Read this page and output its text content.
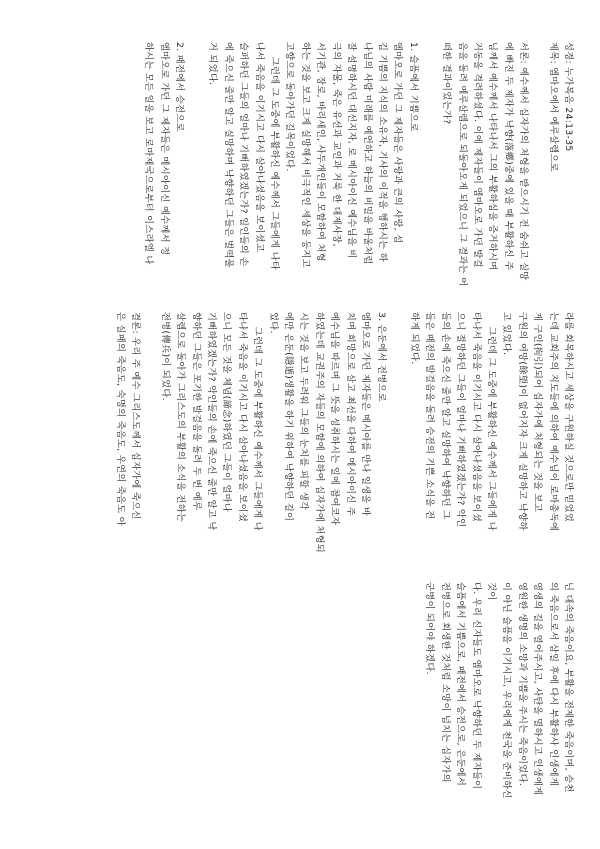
성경: 누가복음 24:13-35
제목: 엠마오에서 예루살렘으로

서론: 예수께서 십자가의 처형을 받으시기 전 숨쉬고 실망
에 빠진 두 제자가 낙향(落鄕)중에 있을 때 부활하신 주
님께서 예수께서 나타나서 그의 부활하심을 증거하시며
거동을 격려하셨다. 이에 제자들이 엠마오로 가던 발걸
음을 돌려 예루살렘으로 되돌아오게 되었으니 그 결과는 어
떠한 결과이었는가?

1. 슬픔에서 기쁨으로

엠마오로 가던 그 제자들은 사랑과 큰의 사랑, 섬
김 기쁨의 지식의 소유자, 기사의 이적을 행하시는 하
나님의 사람 미래를 예언하고 하늘의 비밀을 바울처럼
잘 설명하시던 대선지자, 로 메시아이신 예수님을 비
극의 자물, 죽은 유선과 교인과 거룩 한 대제사장,
서기관, 장로, 바리새인, 사두개인들이 모함하여 처형
하는 것을 보고 크게 실망해서 비극적인 세상을 등지고
고향으로 돌아가던 길목이었다.

그런데 그 도중에 부활하신 예수께서 그들에게 나타
나서 죽음을 이기시고 다시 살아나셨음을 보이셨고
슬퍼하던 그들의 얼마나 기뻐하였겠는가? 일인들의 손
에 죽으신 줄만 알고 실망하며 낙향하던 그들은 벌떡풀
거 되었다.

2. 패전에서 승전으로

엠마오로 가던 그 제자들은 메시아이신 예수께서 정
하시는 모든 일을 보고 로마제국으로부터 이스라엘 나

라를 회복하시고 세상을 구원하실 것으로만 믿었었
는데 교회주의 지도들에 의하여 예수님이 로마총독에
게 구인(拘引)되어 십자가에 처형되는 것을 보고
구원의 여망(餘望)이 없어지자 크게 실망하고 낙향하
고 있었다.

그런데 그 도중에 부활하신 예수께서 그들에게 나
타나서 죽음을 이기시고 다시 살아나셨음을 보이셨
으니 절망하던 그들이 얼마나 기뻐하였겠는가? 악인
들의 손에 죽으신 줄만 알고 실망하여 낙향하던 그
들은 패전의 발걸음을 돌려 승전의 기쁜 소식을 전
하게 되었다.

3. 은둔에서 전병으로

엠마오로 가던 제자들은 메시아를 만나 일생을 바
치며 희망으로 살고 최선을 다하여 메시아이신 주
예수님을 따르며 그 뜻을 성취하시는 일에 참여코자
하였는데 교권주의 자들의 모함에 의하여 십자가에 처형되
시는 것을 보고 두려워 그들의 눈치를 피할 생각
에만 은둔(隱遁)생활을 하기 위하여 낙향하던 길이
었다.

그런데 그 도중에 부활하신 예수께서 그들에게 나
타나서 죽음을 이기시고 다시 살아나셨음을 보이셨
으니 모든 것을 체념(諦念)하였던 그들이 얼마나
기뻐하였겠는가? 악인들의 손에 죽으신 줄만 알고 낙
향하던 그들은 포기한 발걸음을 돌려 두 번 예루
살렘으로 돌아가 그리스도의 부활의 소식을 전하는
전병(傳兵)이 되었다.

결론: 우리 주 예수 그리스도께서 십자가에 죽으신
은 실패의 죽음도, 숙명의 죽음도, 우연의 죽음도 아

닌 대속의 죽음이요, 부활을 전제한 죽음이며, 승천
의 죽음으로서 삼일 후에 다시 부활하사 인생에게
영생의 길을 열어주시고, 사탄을 멸하시고 인생에게
영원한 생명의 소망과 기쁨을 주시는 죽음이었다.
이 아닌 슬픔을 이기시고, 우리에게 천국을 준비하신 것이
다. 우리 신자들도 엠마오로 낙향하던 두 제자들이
슬픔에서 기쁨으로, 패전에서 승전으로, 은둔에서
전병으로 회생한 것처럼 소망이 넘치는 십자가의
군병이 되어야 하겠다.
